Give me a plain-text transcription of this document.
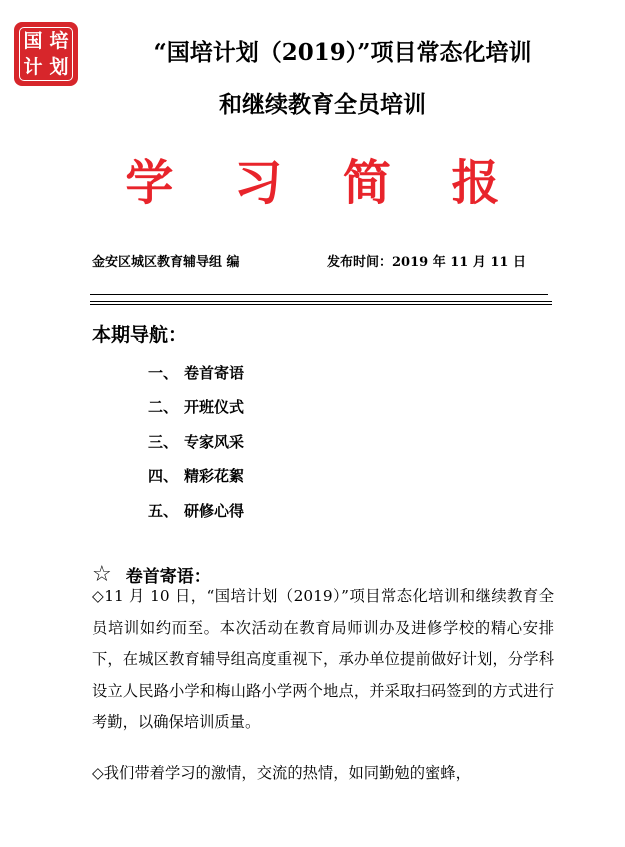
国 培
计 划
“国培计划（2019）”项目常态化培训
和继续教育全员培训
学 习 简 报
金安区城区教育辅导组 编	发布时间：2019 年 11 月 11 日
本期导航：
一、 卷首寄语
二、 开班仪式
三、 专家风采
四、 精彩花絮
五、 研修心得
☆ 卷首寄语：

◇11 月 10 日，“国培计划（2019）”项目常态化培训和继续教育全员培训如约而至。本次活动在教育局师训办及进修学校的精心安排下，在城区教育辅导组高度重视下，承办单位提前做好计划，分学科设立人民路小学和梅山路小学两个地点，并采取扫码签到的方式进行考勤，以确保培训质量。

◇我们带着学习的激情，交流的热情，如同勤勉的蜜蜂，
